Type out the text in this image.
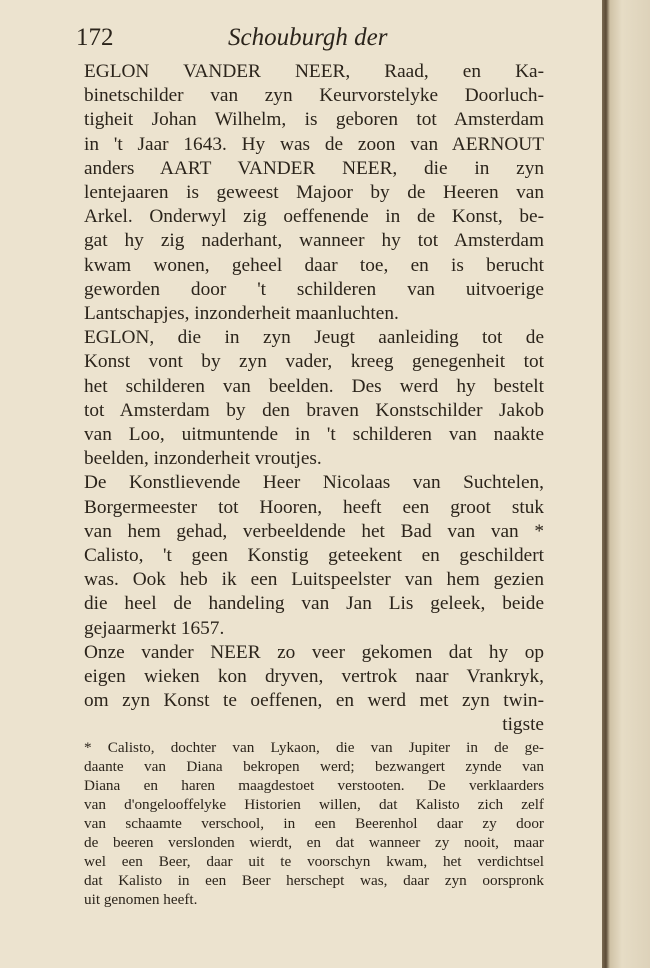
172	Schouburgh der
EGLON VANDER NEER, Raad, en Ka-
binetschilder van zyn Keurvorstelyke Doorluch-
tigheit Johan Wilhelm, is geboren tot Amsterdam
in 't Jaar 1643. Hy was de zoon van AERNOUT
anders AART VANDER NEER, die in zyn
lentejaaren is geweest Majoor by de Heeren van
Arkel. Onderwyl zig oeffenende in de Konst, be-
gat hy zig naderhant, wanneer hy tot Amsterdam
kwam wonen, geheel daar toe, en is berucht
geworden door 't schilderen van uitvoerige
Lantschapjes, inzonderheit maanluchten.
EGLON, die in zyn Jeugt aanleiding tot de
Konst vont by zyn vader, kreeg genegenheit tot
het schilderen van beelden. Des werd hy bestelt
tot Amsterdam by den braven Konstschilder Jakob
van Loo, uitmuntende in 't schilderen van naakte
beelden, inzonderheit vroutjes.
De Konstlievende Heer Nicolaas van Suchtelen,
Borgermeester tot Hooren, heeft een groot stuk
van hem gehad, verbeeldende het Bad van van *
Calisto, 't geen Konstig geteekent en geschildert
was. Ook heb ik een Luitspeelster van hem gezien
die heel de handeling van Jan Lis geleek, beide
gejaarmerkt 1657.
Onze vander NEER zo veer gekomen dat hy op
eigen wieken kon dryven, vertrok naar Vrankryk,
om zyn Konst te oeffenen, en werd met zyn twin-
tigste
* Calisto, dochter van Lykaon, die van Jupiter in de ge-
daante van Diana bekropen werd; bezwangert zynde van
Diana en haren maagdestoet verstooten. De verklaarders
van d'ongelooffelyke Historien willen, dat Kalisto zich zelf
van schaamte verschool, in een Beerenhol daar zy door
de beeren verslonden wierdt, en dat wanneer zy nooit, maar
wel een Beer, daar uit te voorschyn kwam, het verdichtsel
dat Kalisto in een Beer herschept was, daar zyn oorspronk
uit genomen heeft.
